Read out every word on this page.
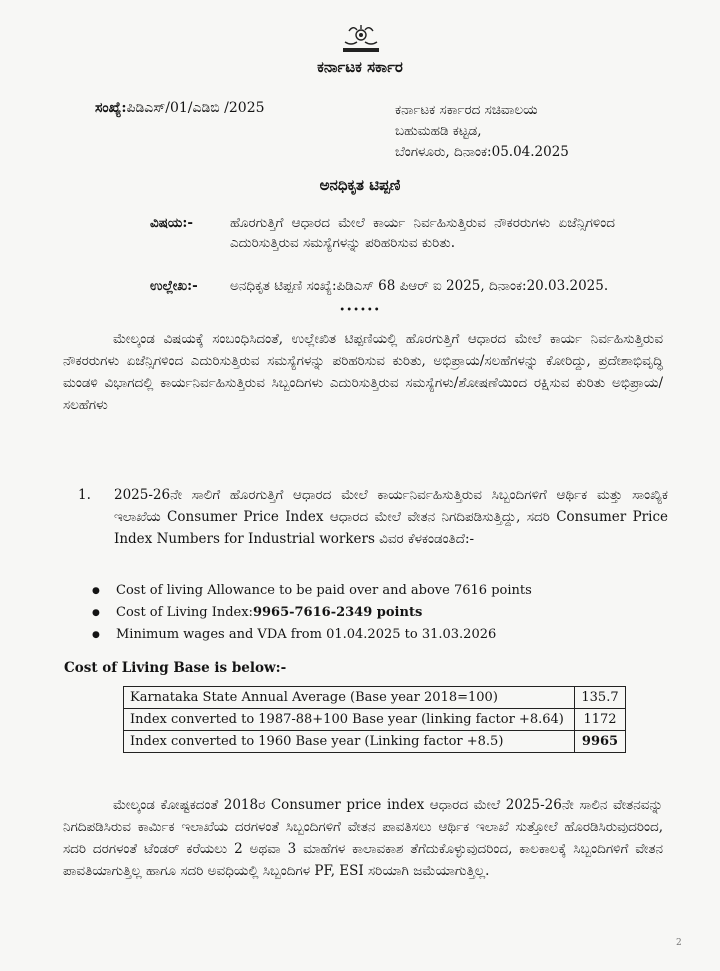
ಕರ್ನಾಟಕ ಸರ್ಕಾರ
ಸಂಖ್ಯೆ:ಪಿಡಿಎಸ್/01/ಎಡಿಬಿ /2025	ಕರ್ನಾಟಕ ಸರ್ಕಾರದ ಸಚಿವಾಲಯ
ಬಹುಮಹಡಿ ಕಟ್ಟಡ,
ಬೆಂಗಳೂರು, ದಿನಾಂಕ:05.04.2025
ಅನಧಿಕೃತ ಟಿಪ್ಪಣಿ
ವಿಷಯ:-	ಹೊರಗುತ್ತಿಗೆ ಆಧಾರದ ಮೇಲೆ ಕಾರ್ಯ ನಿರ್ವಹಿಸುತ್ತಿರುವ ನೌಕರರುಗಳು ಏಜೆನ್ಸಿಗಳಿಂದ ಎದುರಿಸುತ್ತಿರುವ ಸಮಸ್ಯೆಗಳನ್ನು ಪರಿಹರಿಸುವ ಕುರಿತು.
ಉಲ್ಲೇಖ:-	ಅನಧಿಕೃತ ಟಿಪ್ಪಣಿ ಸಂಖ್ಯೆ:ಪಿಡಿಎಸ್ 68 ಪಿಆರ್ ಐ 2025, ದಿನಾಂಕ:20.03.2025.
••••••
ಮೇಲ್ಕಂಡ ವಿಷಯಕ್ಕೆ ಸಂಬಂಧಿಸಿದಂತೆ, ಉಲ್ಲೇಖಿತ ಟಿಪ್ಪಣಿಯಲ್ಲಿ ಹೊರಗುತ್ತಿಗೆ ಆಧಾರದ ಮೇಲೆ ಕಾರ್ಯ ನಿರ್ವಹಿಸುತ್ತಿರುವ ನೌಕರರುಗಳು ಏಜೆನ್ಸಿಗಳಿಂದ ಎದುರಿಸುತ್ತಿರುವ ಸಮಸ್ಯೆಗಳನ್ನು ಪರಿಹರಿಸುವ ಕುರಿತು, ಅಭಿಪ್ರಾಯ/ಸಲಹೆಗಳನ್ನು ಕೋರಿದ್ದು, ಪ್ರದೇಶಾಭಿವೃದ್ಧಿ ಮಂಡಳಿ ವಿಭಾಗದಲ್ಲಿ ಕಾರ್ಯನಿರ್ವಹಿಸುತ್ತಿರುವ ಸಿಬ್ಬಂದಿಗಳು ಎದುರಿಸುತ್ತಿರುವ ಸಮಸ್ಯೆಗಳು/ಶೋಷಣೆಯಿಂದ ರಕ್ಷಿಸುವ ಕುರಿತು ಅಭಿಪ್ರಾಯ/ಸಲಹೆಗಳು
1.	2025-26ನೇ ಸಾಲಿಗೆ ಹೊರಗುತ್ತಿಗೆ ಆಧಾರದ ಮೇಲೆ ಕಾರ್ಯನಿರ್ವಹಿಸುತ್ತಿರುವ ಸಿಬ್ಬಂದಿಗಳಿಗೆ ಆರ್ಥಿಕ ಮತ್ತು ಸಾಂಖ್ಯಿಕ ಇಲಾಖೆಯ Consumer Price Index ಆಧಾರದ ಮೇಲೆ ವೇತನ ನಿಗದಿಪಡಿಸುತ್ತಿದ್ದು, ಸದರಿ Consumer Price Index Numbers for Industrial workers ವಿವರ ಕೆಳಕಂಡಂತಿದೆ:-
● Cost of living Allowance to be paid over and above 7616 points
● Cost of Living Index:9965-7616-2349 points
● Minimum wages and VDA from 01.04.2025 to 31.03.2026
Cost of Living Base is below:-
Karnataka State Annual Average (Base year 2018=100)	135.7
Index converted to 1987-88+100 Base year (linking factor +8.64)	1172
Index converted to 1960 Base year (Linking factor +8.5)	9965
ಮೇಲ್ಕಂಡ ಕೋಷ್ಟಕದಂತೆ 2018ರ Consumer price index ಆಧಾರದ ಮೇಲೆ 2025-26ನೇ ಸಾಲಿನ ವೇತನವನ್ನು ನಿಗದಿಪಡಿಸಿರುವ ಕಾರ್ಮಿಕ ಇಲಾಖೆಯ ದರಗಳಂತೆ ಸಿಬ್ಬಂದಿಗಳಿಗೆ ವೇತನ ಪಾವತಿಸಲು ಆರ್ಥಿಕ ಇಲಾಖೆ ಸುತ್ತೋಲೆ ಹೊರಡಿಸಿರುವುದರಿಂದ, ಸದರಿ ದರಗಳಂತೆ ಟೆಂಡರ್ ಕರೆಯಲು 2 ಅಥವಾ 3 ಮಾಹೆಗಳ ಕಾಲಾವಕಾಶ ತೆಗೆದುಕೊಳ್ಳುವುದರಿಂದ, ಕಾಲಕಾಲಕ್ಕೆ ಸಿಬ್ಬಂದಿಗಳಿಗೆ ವೇತನ ಪಾವತಿಯಾಗುತ್ತಿಲ್ಲ ಹಾಗೂ ಸದರಿ ಅವಧಿಯಲ್ಲಿ ಸಿಬ್ಬಂದಿಗಳ PF, ESI ಸರಿಯಾಗಿ ಜಮೆಯಾಗುತ್ತಿಲ್ಲ.
2
